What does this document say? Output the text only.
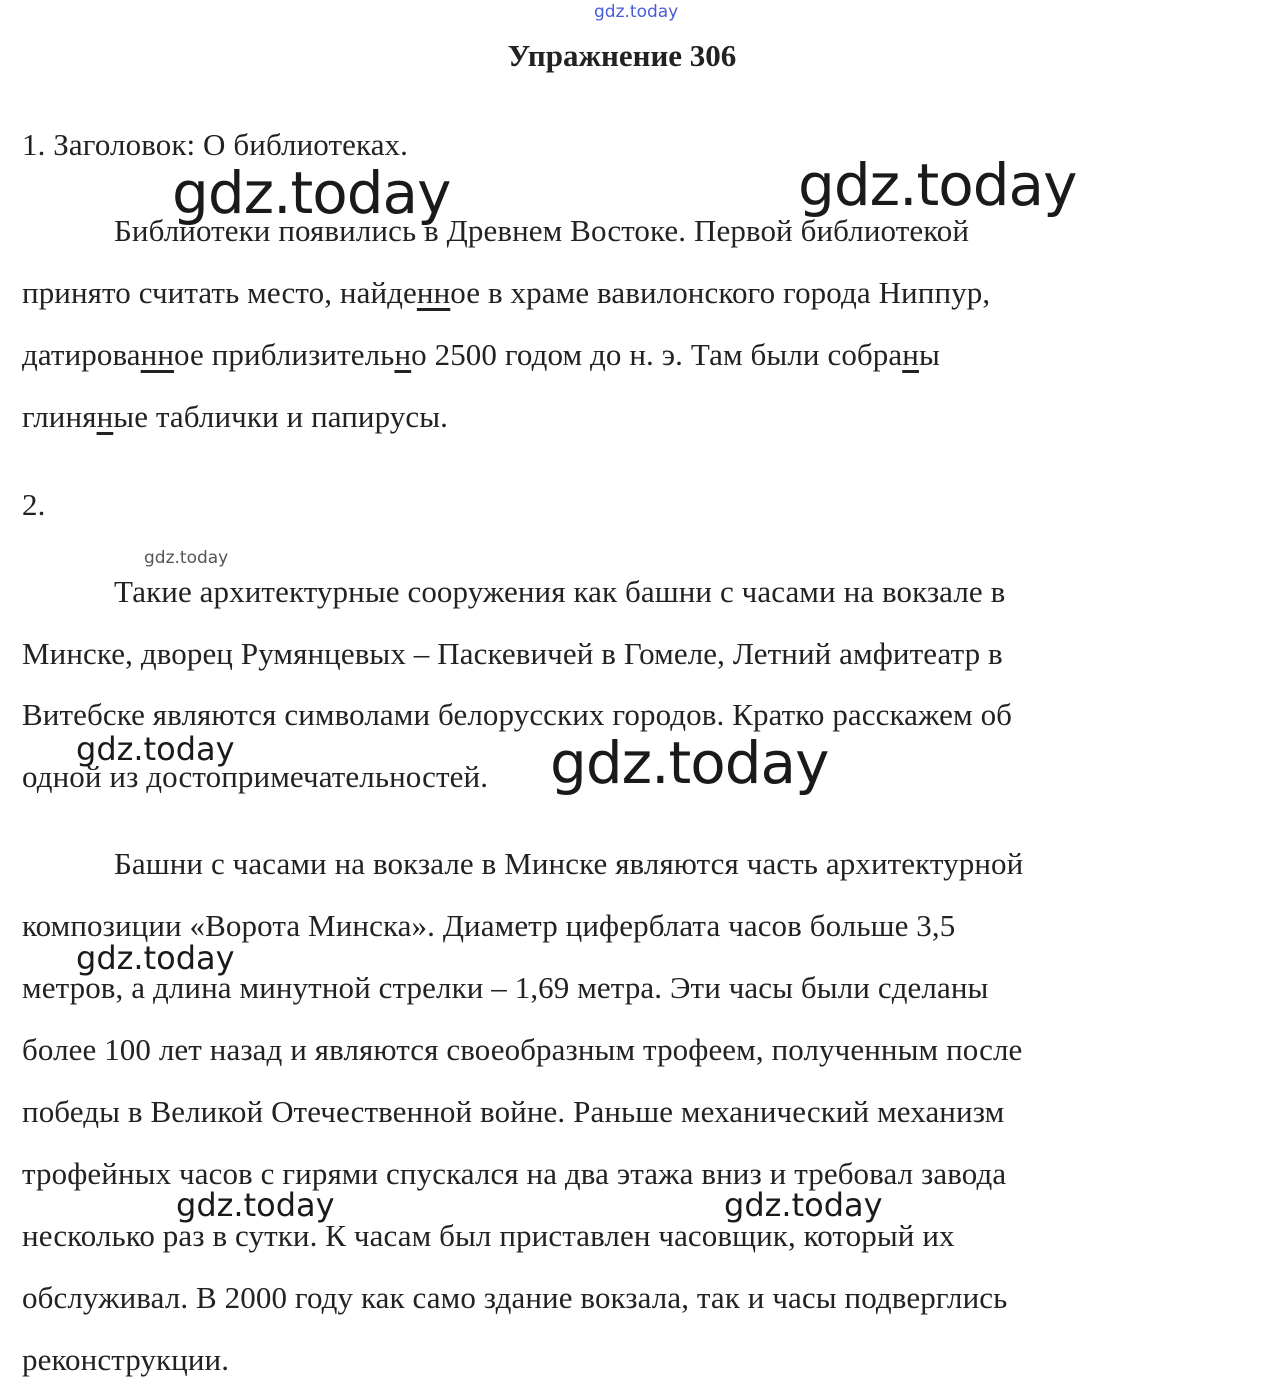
Упражнение 306
1. Заголовок: О библиотеках.
Библиотеки появились в Древнем Востоке. Первой библиотекой
принято считать место, найденное в храме вавилонского города Ниппур,
датированное приблизительно 2500 годом до н. э. Там были собраны
глиняные таблички и папирусы.
2.
Такие архитектурные сооружения как башни с часами на вокзале в
Минске, дворец Румянцевых – Паскевичей в Гомеле, Летний амфитеатр в
Витебске являются символами белорусских городов. Кратко расскажем об
одной из достопримечательностей.
Башни с часами на вокзале в Минске являются часть архитектурной
композиции «Ворота Минска». Диаметр циферблата часов больше 3,5
метров, а длина минутной стрелки – 1,69 метра. Эти часы были сделаны
более 100 лет назад и являются своеобразным трофеем, полученным после
победы в Великой Отечественной войне. Раньше механический механизм
трофейных часов с гирями спускался на два этажа вниз и требовал завода
несколько раз в сутки. К часам был приставлен часовщик, который их
обслуживал. В 2000 году как само здание вокзала, так и часы подверглись
реконструкции.
gdz.today
gdz.today	gdz.today
gdz.today
gdz.today	gdz.today
gdz.today
gdz.today	gdz.today
